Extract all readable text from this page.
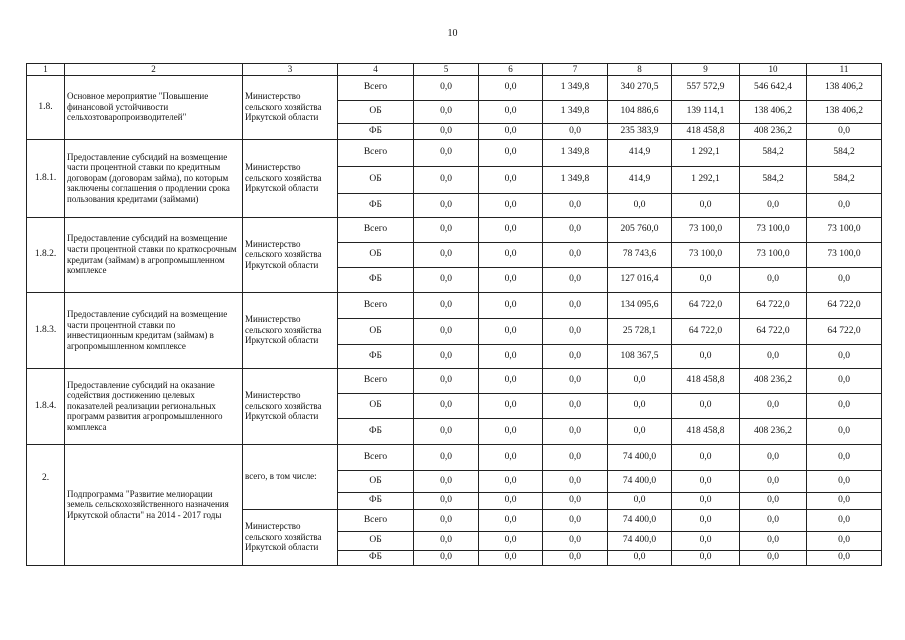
10
1	2	3	4	5	6	7	8	9	10	11
1.8.	Основное мероприятие "Повышение финансовой устойчивости сельхозтоваропроизводителей"	Министерство сельского хозяйства Иркутской области	Всего	0,0	0,0	1 349,8	340 270,5	557 572,9	546 642,4	138 406,2
			ОБ	0,0	0,0	1 349,8	104 886,6	139 114,1	138 406,2	138 406,2
			ФБ	0,0	0,0	0,0	235 383,9	418 458,8	408 236,2	0,0
1.8.1.	Предоставление субсидий на возмещение части процентной ставки по кредитным договорам (договорам займа), по которым заключены соглашения о продлении срока пользования кредитами (займами)	Министерство сельского хозяйства Иркутской области	Всего	0,0	0,0	1 349,8	414,9	1 292,1	584,2	584,2
			ОБ	0,0	0,0	1 349,8	414,9	1 292,1	584,2	584,2
			ФБ	0,0	0,0	0,0	0,0	0,0	0,0	0,0
1.8.2.	Предоставление субсидий на возмещение части процентной ставки по краткосрочным кредитам (займам) в агропромышленном комплексе	Министерство сельского хозяйства Иркутской области	Всего	0,0	0,0	0,0	205 760,0	73 100,0	73 100,0	73 100,0
			ОБ	0,0	0,0	0,0	78 743,6	73 100,0	73 100,0	73 100,0
			ФБ	0,0	0,0	0,0	127 016,4	0,0	0,0	0,0
1.8.3.	Предоставление субсидий на возмещение части процентной ставки по инвестиционным кредитам (займам) в агропромышленном комплексе	Министерство сельского хозяйства Иркутской области	Всего	0,0	0,0	0,0	134 095,6	64 722,0	64 722,0	64 722,0
			ОБ	0,0	0,0	0,0	25 728,1	64 722,0	64 722,0	64 722,0
			ФБ	0,0	0,0	0,0	108 367,5	0,0	0,0	0,0
1.8.4.	Предоставление субсидий на оказание содействия достижению целевых показателей реализации региональных программ развития агропромышленного комплекса	Министерство сельского хозяйства Иркутской области	Всего	0,0	0,0	0,0	0,0	418 458,8	408 236,2	0,0
			ОБ	0,0	0,0	0,0	0,0	0,0	0,0	0,0
			ФБ	0,0	0,0	0,0	0,0	418 458,8	408 236,2	0,0
2.	Подпрограмма "Развитие мелиорации земель сельскохозяйственного назначения Иркутской области" на 2014 - 2017 годы	всего, в том числе:	Всего	0,0	0,0	0,0	74 400,0	0,0	0,0	0,0
			ОБ	0,0	0,0	0,0	74 400,0	0,0	0,0	0,0
			ФБ	0,0	0,0	0,0	0,0	0,0	0,0	0,0
		Министерство сельского хозяйства Иркутской области	Всего	0,0	0,0	0,0	74 400,0	0,0	0,0	0,0
			ОБ	0,0	0,0	0,0	74 400,0	0,0	0,0	0,0
			ФБ	0,0	0,0	0,0	0,0	0,0	0,0	0,0
